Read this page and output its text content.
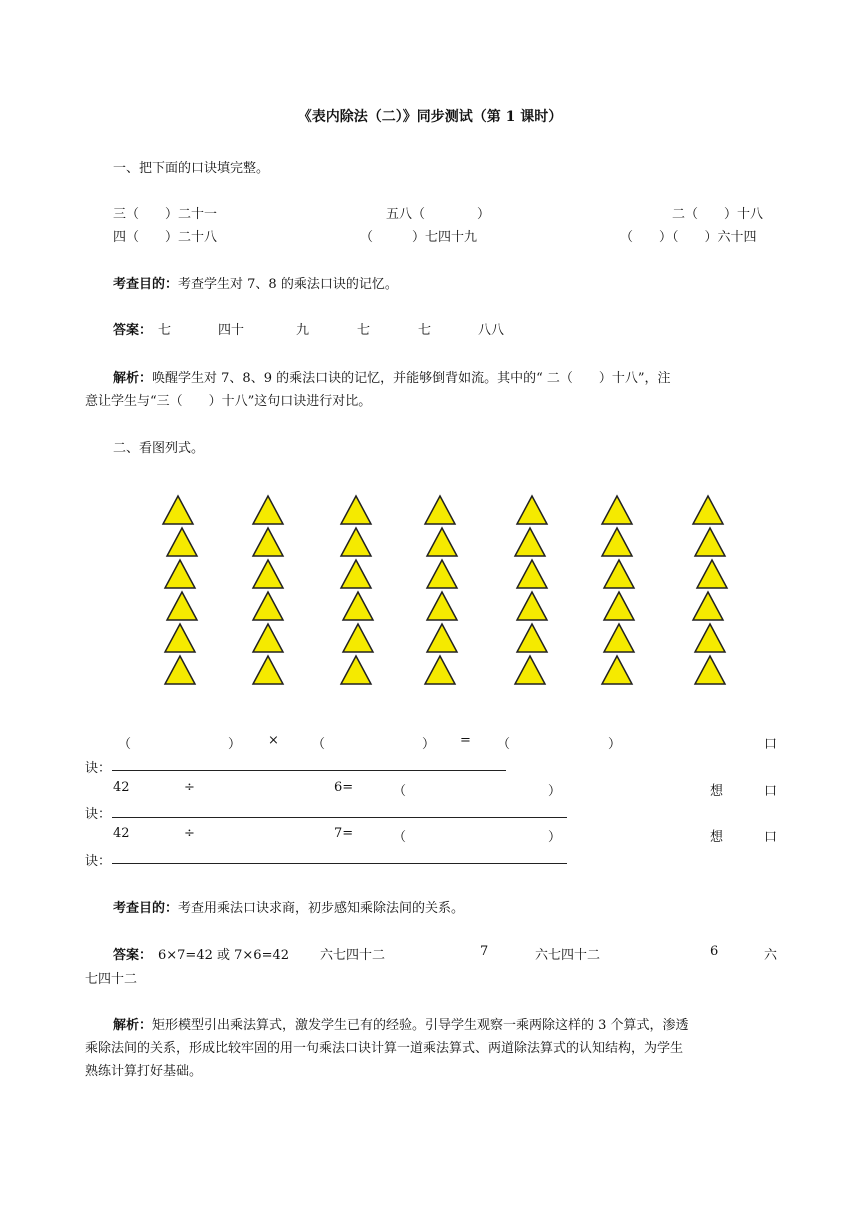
《表内除法（二）》同步测试（第 1 课时）
一、把下面的口诀填完整。
三（　　）二十一	五八（　　　　）	二（　　）十八
四（　　）二十八	（　　　）七四十九	（　　）（　　）六十四
考查目的：考查学生对 7、8 的乘法口诀的记忆。
答案： 七	四十	九	七	七	八八
解析：唤醒学生对 7、8、9 的乘法口诀的记忆，并能够倒背如流。其中的“ 二（　　）十八”，注
意让学生与“三（　　）十八”这句口诀进行对比。
二、看图列式。
（	） ×	（	） = （	）	口
诀：
42	÷	6=	（	）	想	口
诀：
42	÷	7=	（	）	想	口
诀：
考查目的：考查用乘法口诀求商，初步感知乘除法间的关系。
答案： 6×7=42 或 7×6=42 六七四十二	7	六七四十二	6	六
七四十二
解析：矩形模型引出乘法算式，激发学生已有的经验。引导学生观察一乘两除这样的 3 个算式，渗透
乘除法间的关系，形成比较牢固的用一句乘法口诀计算一道乘法算式、两道除法算式的认知结构，为学生
熟练计算打好基础。
